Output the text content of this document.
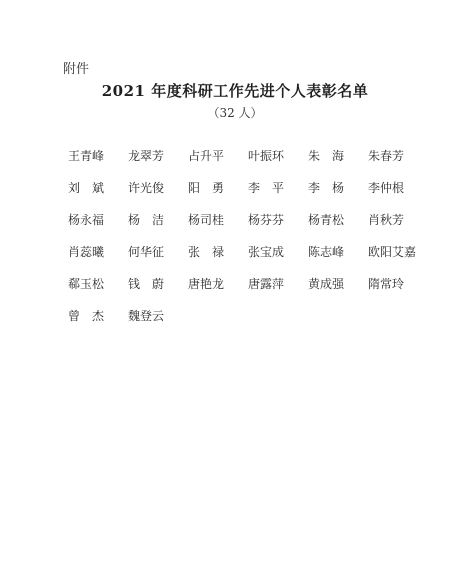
附件
2021 年度科研工作先进个人表彰名单
（32 人）
王青峰	龙翠芳	占升平	叶振环	朱　海	朱春芳
刘　斌	许光俊	阳　勇	李　平	李　杨	李仲根
杨永福	杨　洁	杨司桂	杨芬芬	杨青松	肖秋芳
肖蕊曦	何华征	张　禄	张宝成	陈志峰	欧阳艾嘉
郗玉松	钱　蔚	唐艳龙	唐露萍	黄成强	隋常玲
曾　杰	魏登云
